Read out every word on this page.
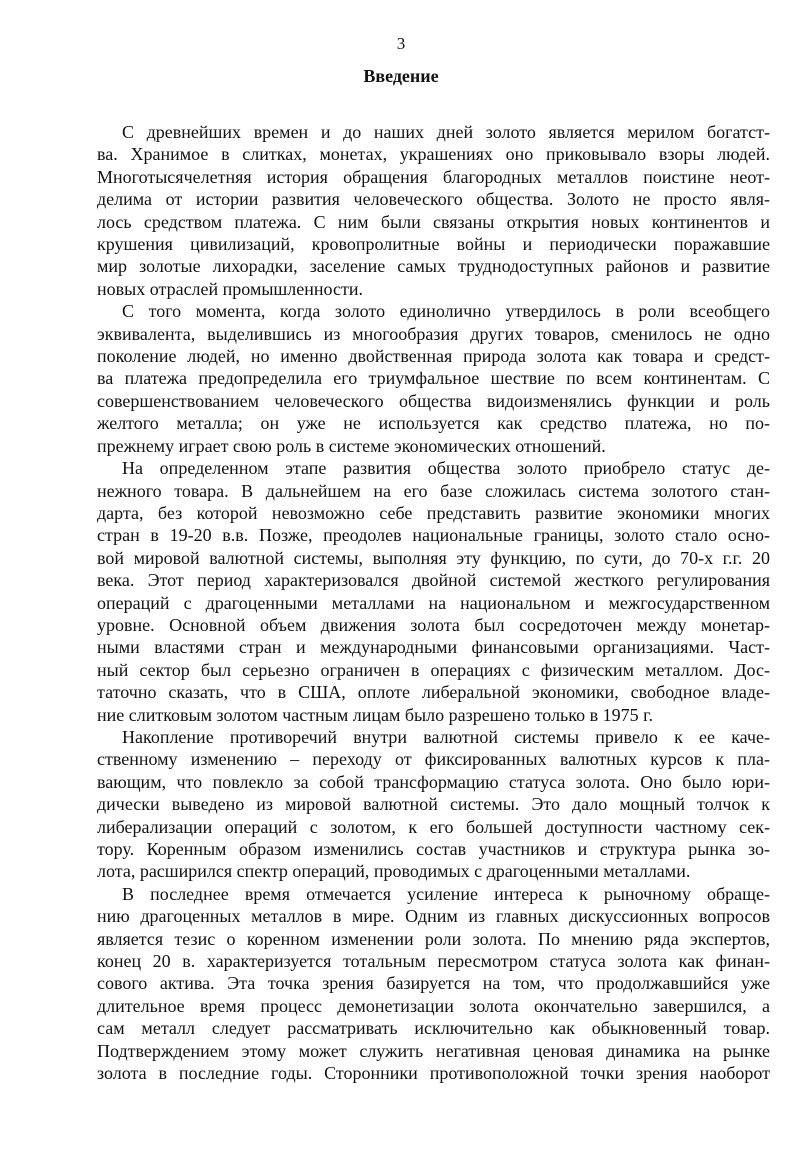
3
Введение
С древнейших времен и до наших дней золото является мерилом богатст-
ва. Хранимое в слитках, монетах, украшениях оно приковывало взоры людей.
Многотысячелетняя история обращения благородных металлов поистине неот-
делима от истории развития человеческого общества. Золото не просто явля-
лось средством платежа. С ним были связаны открытия новых континентов и
крушения цивилизаций, кровопролитные войны и периодически поражавшие
мир золотые лихорадки, заселение самых труднодоступных районов и развитие
новых отраслей промышленности.
С того момента, когда золото единолично утвердилось в роли всеобщего
эквивалента, выделившись из многообразия других товаров, сменилось не одно
поколение людей, но именно двойственная природа золота как товара и средст-
ва платежа предопределила его триумфальное шествие по всем континентам. С
совершенствованием человеческого общества видоизменялись функции и роль
желтого металла; он уже не используется как средство платежа, но по-
прежнему играет свою роль в системе экономических отношений.
На определенном этапе развития общества золото приобрело статус де-
нежного товара. В дальнейшем на его базе сложилась система золотого стан-
дарта, без которой невозможно себе представить развитие экономики многих
стран в 19-20 в.в. Позже, преодолев национальные границы, золото стало осно-
вой мировой валютной системы, выполняя эту функцию, по сути, до 70-х г.г. 20
века. Этот период характеризовался двойной системой жесткого регулирования
операций с драгоценными металлами на национальном и межгосударственном
уровне. Основной объем движения золота был сосредоточен между монетар-
ными властями стран и международными финансовыми организациями. Част-
ный сектор был серьезно ограничен в операциях с физическим металлом. Дос-
таточно сказать, что в США, оплоте либеральной экономики, свободное владе-
ние слитковым золотом частным лицам было разрешено только в 1975 г.
Накопление противоречий внутри валютной системы привело к ее каче-
ственному изменению – переходу от фиксированных валютных курсов к пла-
вающим, что повлекло за собой трансформацию статуса золота. Оно было юри-
дически выведено из мировой валютной системы. Это дало мощный толчок к
либерализации операций с золотом, к его большей доступности частному сек-
тору. Коренным образом изменились состав участников и структура рынка зо-
лота, расширился спектр операций, проводимых с драгоценными металлами.
В последнее время отмечается усиление интереса к рыночному обраще-
нию драгоценных металлов в мире. Одним из главных дискуссионных вопросов
является тезис о коренном изменении роли золота. По мнению ряда экспертов,
конец 20 в. характеризуется тотальным пересмотром статуса золота как финан-
сового актива. Эта точка зрения базируется на том, что продолжавшийся уже
длительное время процесс демонетизации золота окончательно завершился, а
сам металл следует рассматривать исключительно как обыкновенный товар.
Подтверждением этому может служить негативная ценовая динамика на рынке
золота в последние годы. Сторонники противоположной точки зрения наоборот
